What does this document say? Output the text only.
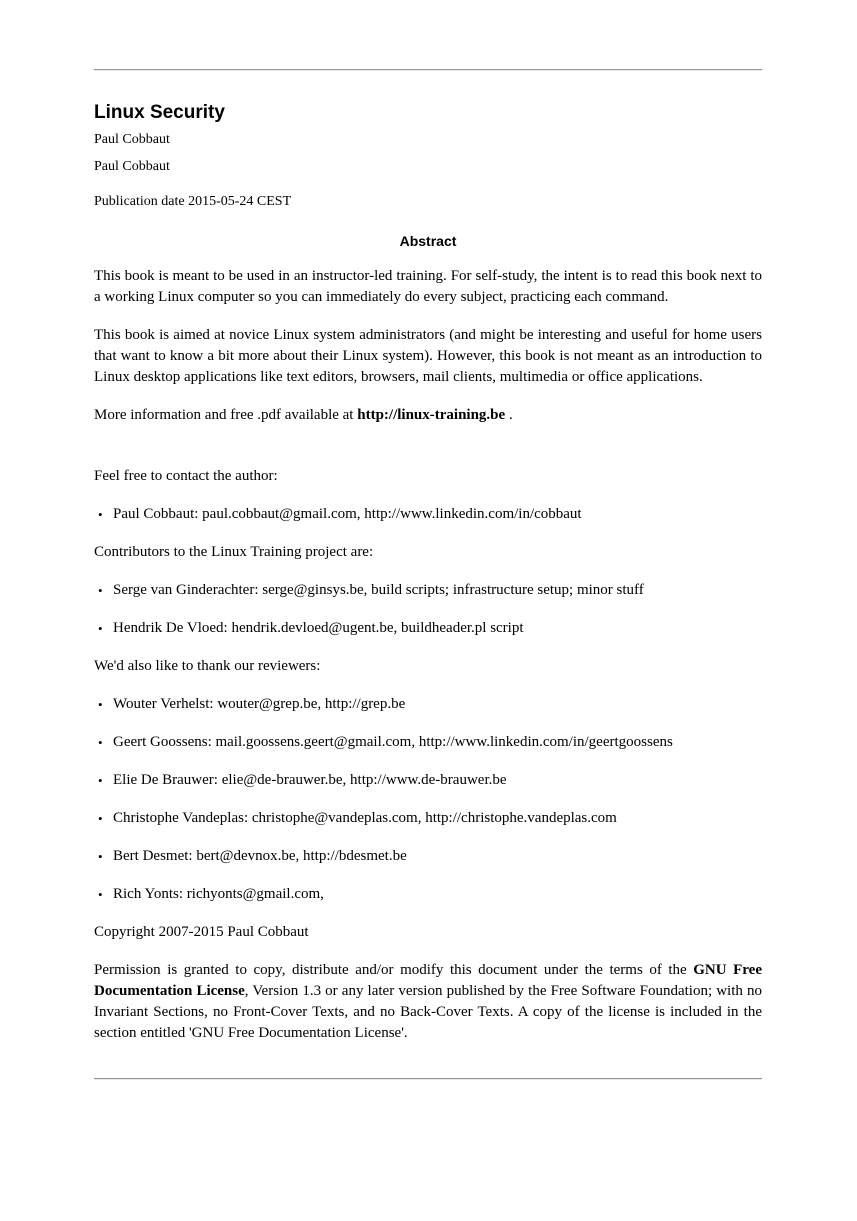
Linux Security

Paul Cobbaut

Paul Cobbaut

Publication date 2015-05-24 CEST

Abstract

This book is meant to be used in an instructor-led training. For self-study, the intent is to read this book next to a working Linux computer so you can immediately do every subject, practicing each command.

This book is aimed at novice Linux system administrators (and might be interesting and useful for home users that want to know a bit more about their Linux system). However, this book is not meant as an introduction to Linux desktop applications like text editors, browsers, mail clients, multimedia or office applications.

More information and free .pdf available at http://linux-training.be .

Feel free to contact the author:

• Paul Cobbaut: paul.cobbaut@gmail.com, http://www.linkedin.com/in/cobbaut

Contributors to the Linux Training project are:

• Serge van Ginderachter: serge@ginsys.be, build scripts; infrastructure setup; minor stuff
• Hendrik De Vloed: hendrik.devloed@ugent.be, buildheader.pl script

We'd also like to thank our reviewers:

• Wouter Verhelst: wouter@grep.be, http://grep.be
• Geert Goossens: mail.goossens.geert@gmail.com, http://www.linkedin.com/in/​geertgoossens
• Elie De Brauwer: elie@de-brauwer.be, http://www.de-brauwer.be
• Christophe Vandeplas: christophe@vandeplas.com, http://christophe.vandeplas.com
• Bert Desmet: bert@devnox.be, http://bdesmet.be
• Rich Yonts: richyonts@gmail.com,

Copyright 2007-2015 Paul Cobbaut

Permission is granted to copy, distribute and/or modify this document under the terms of the GNU Free Documentation License, Version 1.3 or any later version published by the Free Software Foundation; with no Invariant Sections, no Front-Cover Texts, and no Back-Cover Texts. A copy of the license is included in the section entitled 'GNU Free Documentation License'.
